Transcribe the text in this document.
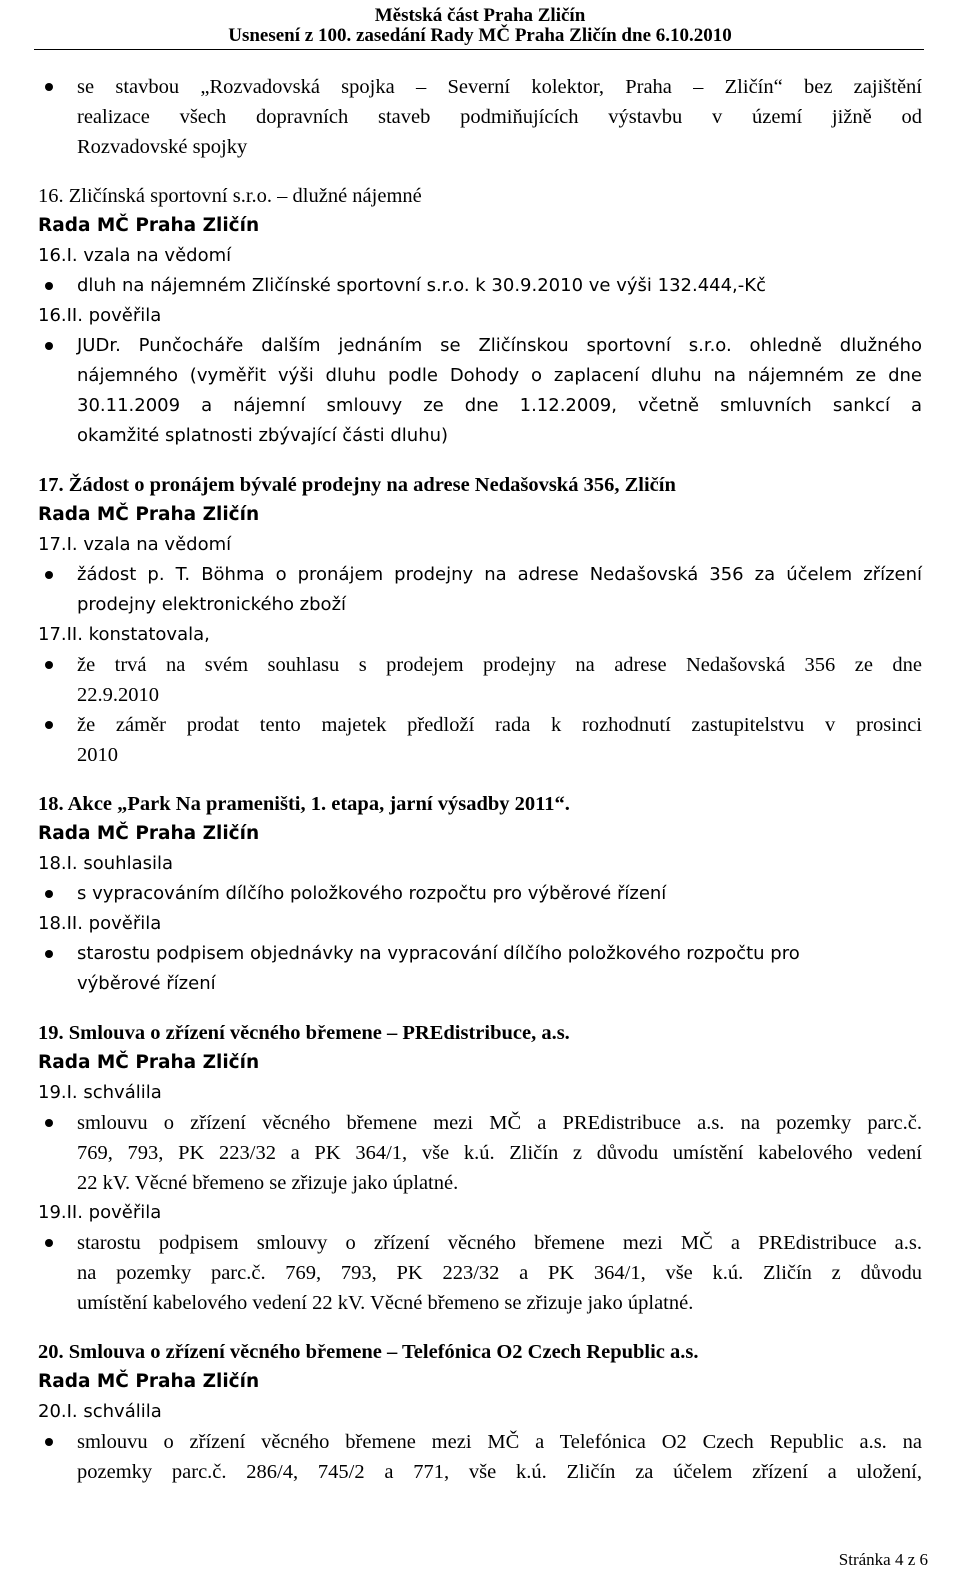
Městská část Praha Zličín
Usnesení z 100. zasedání Rady MČ Praha Zličín dne 6.10.2010
se stavbou „Rozvadovská spojka – Severní kolektor, Praha – Zličín“ bez zajištění
realizace všech dopravních staveb podmiňujících výstavbu v území jižně od
Rozvadovské spojky
16. Zličínská sportovní s.r.o. – dlužné nájemné
Rada MČ Praha Zličín
16.I. vzala na vědomí
dluh na nájemném Zličínské sportovní s.r.o. k 30.9.2010 ve výši 132.444,-Kč
16.II. pověřila
JUDr. Punčocháře dalším jednáním se Zličínskou sportovní s.r.o. ohledně dlužného
nájemného (vyměřit výši dluhu podle Dohody o zaplacení dluhu na nájemném ze dne
30.11.2009 a nájemní smlouvy ze dne 1.12.2009, včetně smluvních sankcí a
okamžité splatnosti zbývající části dluhu)
17. Žádost o pronájem bývalé prodejny na adrese Nedašovská 356, Zličín
Rada MČ Praha Zličín
17.I. vzala na vědomí
žádost p. T. Böhma o pronájem prodejny na adrese Nedašovská 356 za účelem zřízení
prodejny elektronického zboží
17.II. konstatovala,
že trvá na svém souhlasu s prodejem prodejny na adrese Nedašovská 356 ze dne
22.9.2010
že záměr prodat tento majetek předloží rada k rozhodnutí zastupitelstvu v prosinci
2010
18. Akce „Park Na prameništi, 1. etapa, jarní výsadby 2011“.
Rada MČ Praha Zličín
18.I. souhlasila
s vypracováním dílčího položkového rozpočtu pro výběrové řízení
18.II. pověřila
starostu podpisem objednávky na vypracování dílčího položkového rozpočtu pro
výběrové řízení
19. Smlouva o zřízení věcného břemene – PREdistribuce, a.s.
Rada MČ Praha Zličín
19.I. schválila
smlouvu o zřízení věcného břemene mezi MČ a PREdistribuce a.s. na pozemky parc.č.
769, 793, PK 223/32 a PK 364/1, vše k.ú. Zličín z důvodu umístění kabelového vedení
22 kV. Věcné břemeno se zřizuje jako úplatné.
19.II. pověřila
starostu podpisem smlouvy o zřízení věcného břemene mezi MČ a PREdistribuce a.s.
na pozemky parc.č. 769, 793, PK 223/32 a PK 364/1, vše k.ú. Zličín z důvodu
umístění kabelového vedení 22 kV. Věcné břemeno se zřizuje jako úplatné.
20. Smlouva o zřízení věcného břemene – Telefónica O2 Czech Republic a.s.
Rada MČ Praha Zličín
20.I. schválila
smlouvu o zřízení věcného břemene mezi MČ a Telefónica O2 Czech Republic a.s. na
pozemky parc.č. 286/4, 745/2 a 771, vše k.ú. Zličín za účelem zřízení a uložení,
Stránka 4 z 6
